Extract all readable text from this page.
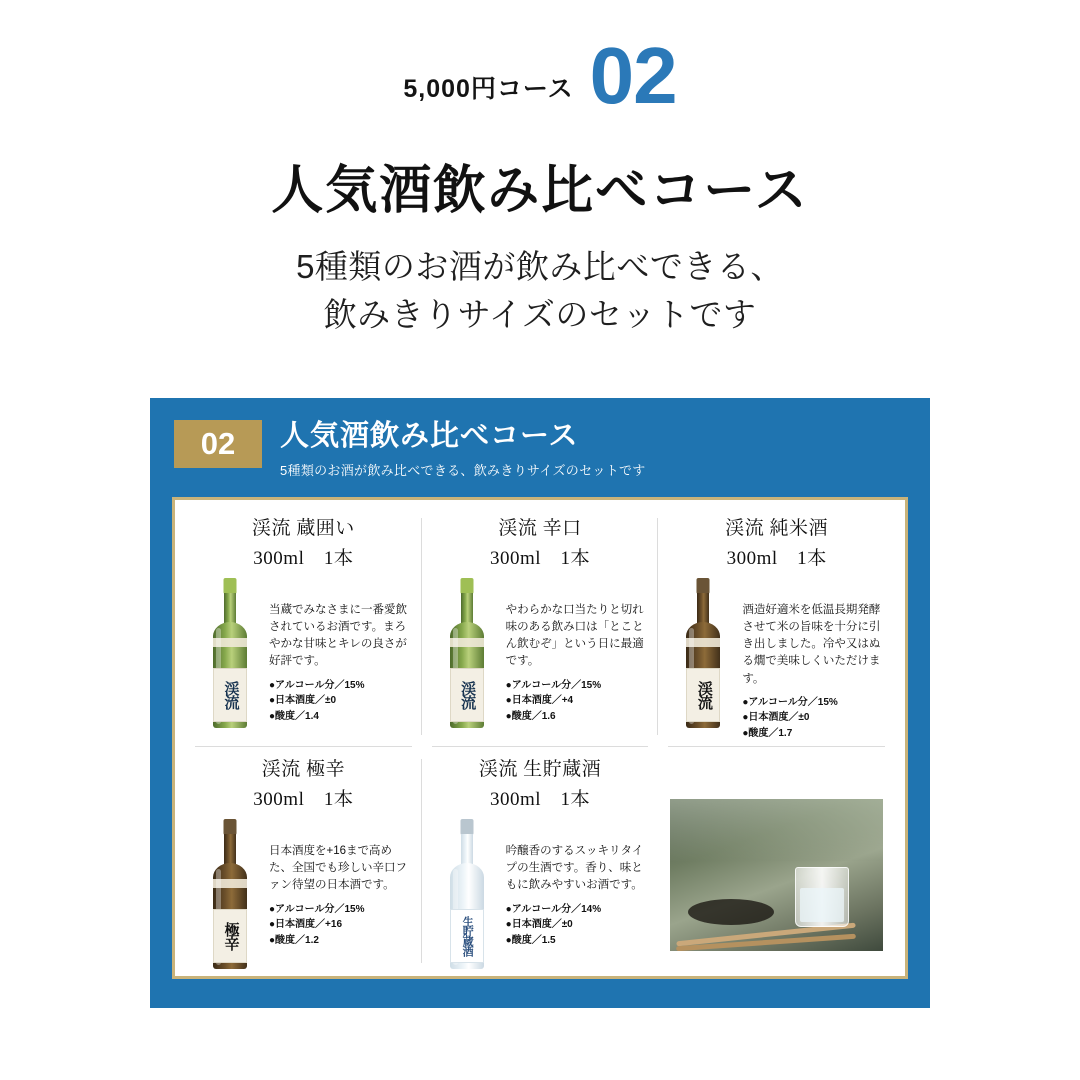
5,000円コース 02
人気酒飲み比べコース
5種類のお酒が飲み比べできる、
飲みきりサイズのセットです
02	人気酒飲み比べコース
5種類のお酒が飲み比べできる、飲みきりサイズのセットです
渓流 蔵囲い
300ml　1本
渓流
当蔵でみなさまに一番愛飲されているお酒です。まろやかな甘味とキレの良さが好評です。
●アルコール分／15%
●日本酒度／±0
●酸度／1.4
渓流 辛口
300ml　1本
渓流
やわらかな口当たりと切れ味のある飲み口は「とことん飲むぞ」という日に最適です。
●アルコール分／15%
●日本酒度／+4
●酸度／1.6
渓流 純米酒
300ml　1本
渓流
酒造好適米を低温長期発酵させて米の旨味を十分に引き出しました。冷や又はぬる燗で美味しくいただけます。
●アルコール分／15%
●日本酒度／±0
●酸度／1.7
渓流 極辛
300ml　1本
極辛
日本酒度を+16まで高めた、全国でも珍しい辛口ファン待望の日本酒です。
●アルコール分／15%
●日本酒度／+16
●酸度／1.2
渓流 生貯蔵酒
300ml　1本
生貯蔵酒
吟醸香のするスッキリタイプの生酒です。香り、味ともに飲みやすいお酒です。
●アルコール分／14%
●日本酒度／±0
●酸度／1.5
